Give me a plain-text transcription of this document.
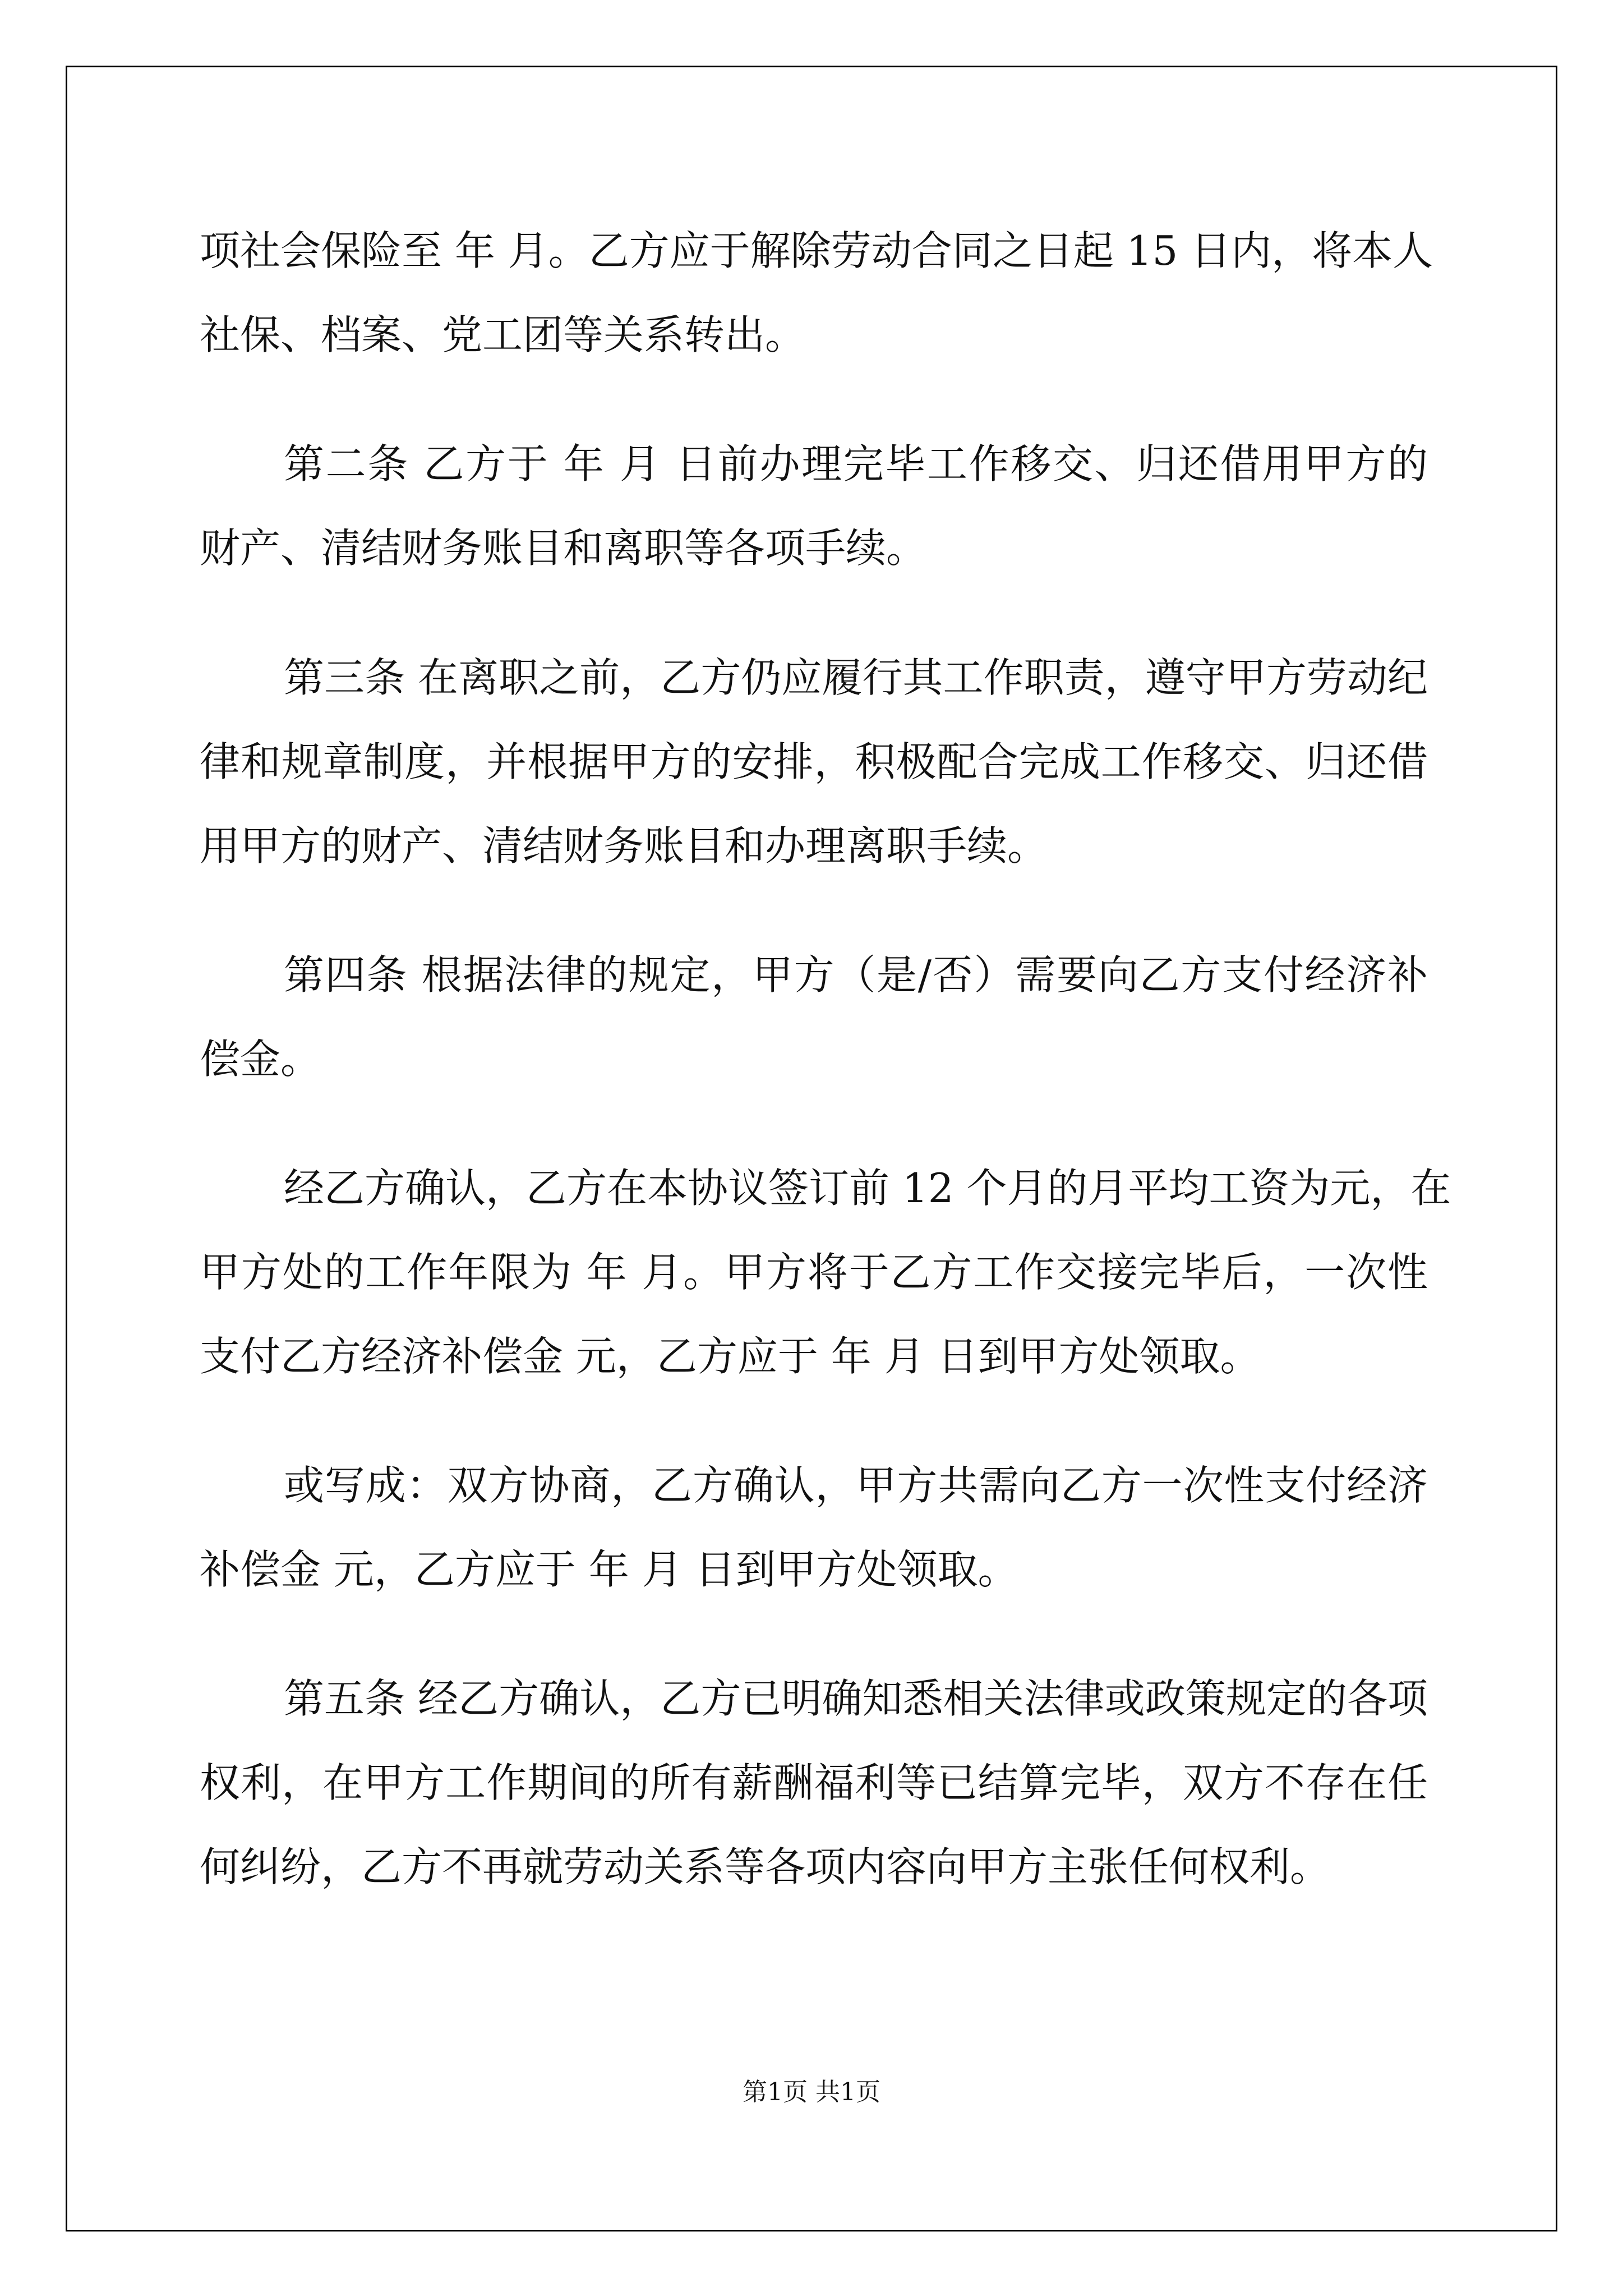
项社会保险至 年 月。乙方应于解除劳动合同之日起 15 日内，将本人
社保、档案、党工团等关系转出。
第二条 乙方于 年 月 日前办理完毕工作移交、归还借用甲方的
财产、清结财务账目和离职等各项手续。
第三条 在离职之前，乙方仍应履行其工作职责，遵守甲方劳动纪
律和规章制度，并根据甲方的安排，积极配合完成工作移交、归还借
用甲方的财产、清结财务账目和办理离职手续。
第四条 根据法律的规定，甲方（是/否）需要向乙方支付经济补
偿金。
经乙方确认，乙方在本协议签订前 12 个月的月平均工资为元，在
甲方处的工作年限为 年 月。甲方将于乙方工作交接完毕后，一次性
支付乙方经济补偿金 元，乙方应于 年 月 日到甲方处领取。
或写成：双方协商，乙方确认，甲方共需向乙方一次性支付经济
补偿金 元，乙方应于 年 月 日到甲方处领取。
第五条 经乙方确认，乙方已明确知悉相关法律或政策规定的各项
权利，在甲方工作期间的所有薪酬福利等已结算完毕，双方不存在任
何纠纷，乙方不再就劳动关系等各项内容向甲方主张任何权利。
第1页 共1页
